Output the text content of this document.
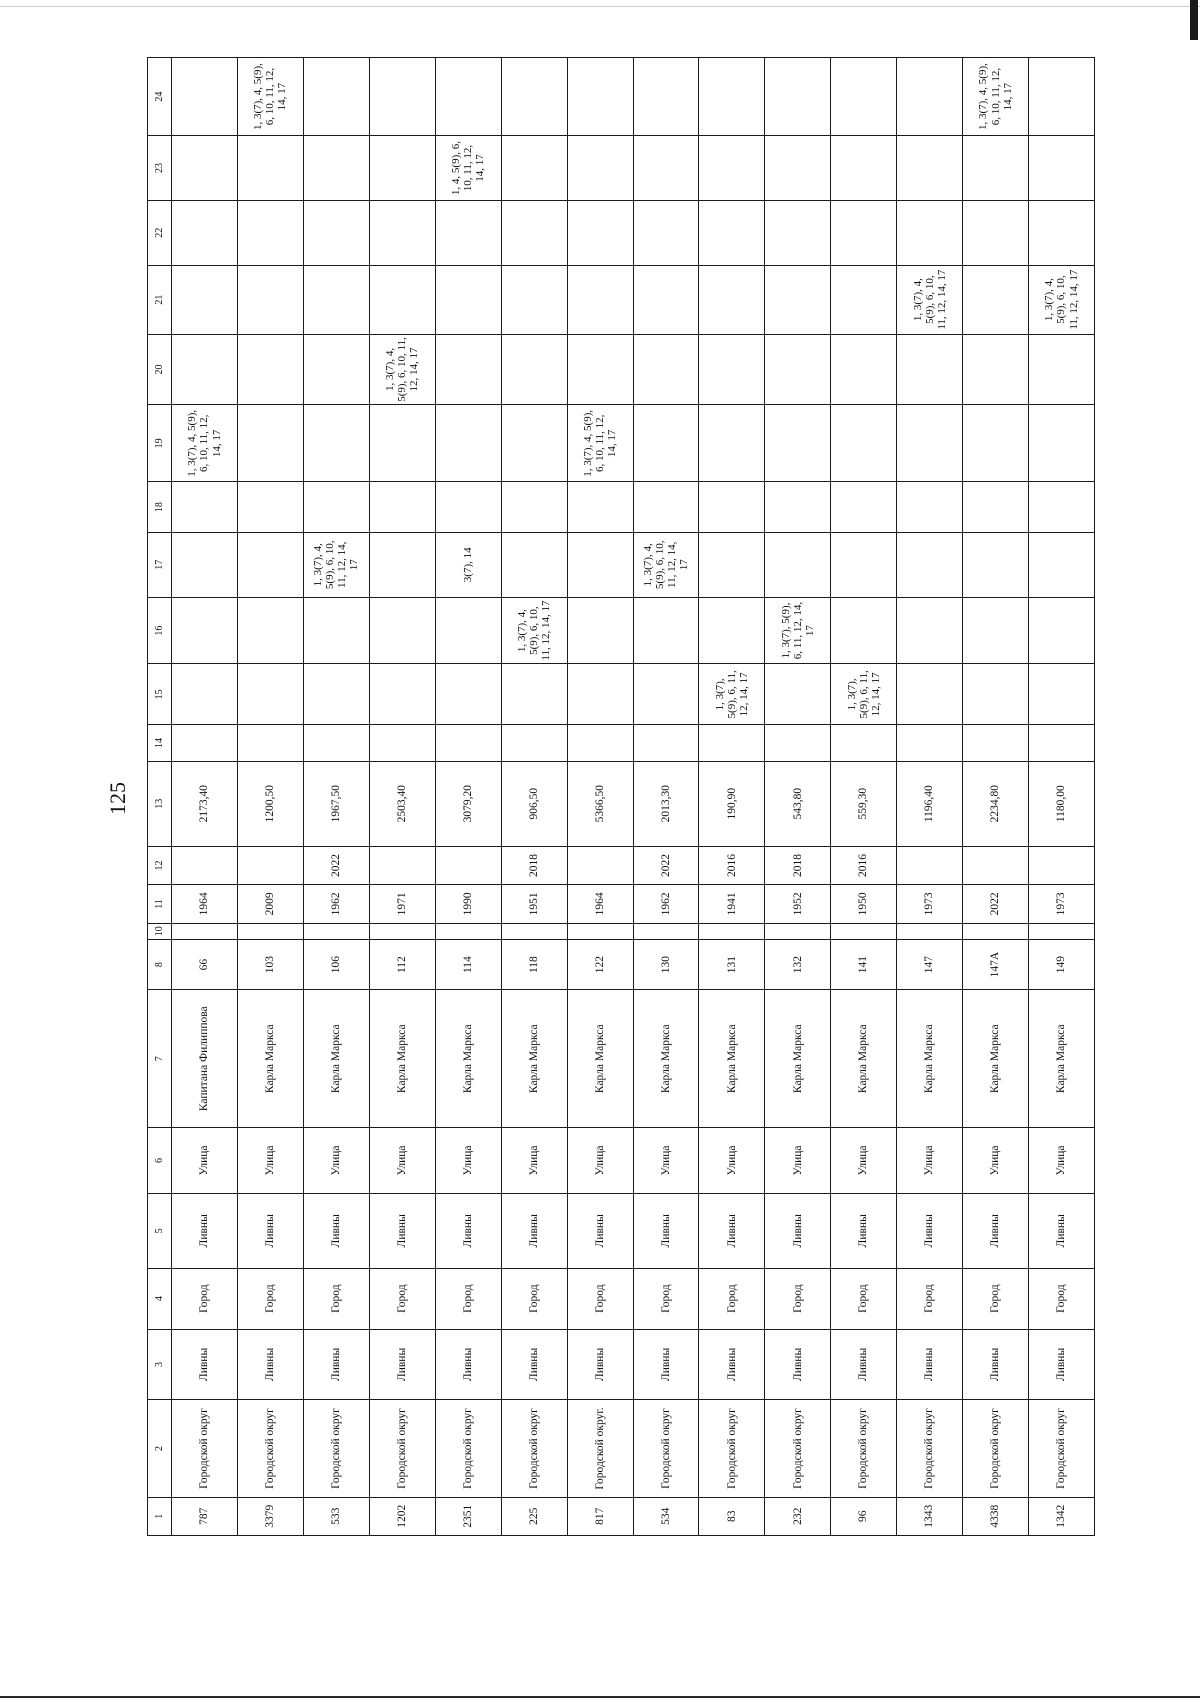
125
1	2	3	4	5	6	7	8	10	11	12	13	14	15	16	17	18	19	20	21	22	23	24
787	Городской округ	Ливны	Город	Ливны	Улица	Капитана Филиппова	66		1964		2173,40						1, 3(7), 4, 5(9), 6, 10, 11, 12, 14, 17					
3379	Городской округ	Ливны	Город	Ливны	Улица	Карла Маркса	103		2009		1200,50											1, 3(7), 4, 5(9), 6, 10, 11, 12, 14, 17
533	Городской округ	Ливны	Город	Ливны	Улица	Карла Маркса	106		1962	2022	1967,50				1, 3(7), 4, 5(9), 6, 10, 11, 12, 14, 17							
1202	Городской округ	Ливны	Город	Ливны	Улица	Карла Маркса	112		1971		2503,40							1, 3(7), 4, 5(9), 6, 10, 11, 12, 14, 17				
2351	Городской округ	Ливны	Город	Ливны	Улица	Карла Маркса	114		1990		3079,20				3(7), 14						1, 4, 5(9), 6, 10, 11, 12, 14, 17	
225	Городской округ	Ливны	Город	Ливны	Улица	Карла Маркса	118		1951	2018	906,50			1, 3(7), 4, 5(9), 6, 10, 11, 12, 14, 17								
817	Городской округ.	Ливны	Город	Ливны	Улица	Карла Маркса	122		1964		5366,50						1, 3(7), 4, 5(9), 6, 10, 11, 12, 14, 17					
534	Городской округ	Ливны	Город	Ливны	Улица	Карла Маркса	130		1962	2022	2013,30				1, 3(7), 4, 5(9), 6, 10, 11, 12, 14, 17							
83	Городской округ	Ливны	Город	Ливны	Улица	Карла Маркса	131		1941	2016	190,90		1, 3(7), 5(9), 6, 11, 12, 14, 17									
232	Городской округ	Ливны	Город	Ливны	Улица	Карла Маркса	132		1952	2018	543,80			1, 3(7), 5(9), 6, 11, 12, 14, 17								
96	Городской округ	Ливны	Город	Ливны	Улица	Карла Маркса	141		1950	2016	559,30		1, 3(7), 5(9), 6, 11, 12, 14, 17									
1343	Городской округ	Ливны	Город	Ливны	Улица	Карла Маркса	147		1973		1196,40								1, 3(7), 4, 5(9), 6, 10, 11, 12, 14, 17			
4338	Городской округ	Ливны	Город	Ливны	Улица	Карла Маркса	147А		2022		2234,80											1, 3(7), 4, 5(9), 6, 10, 11, 12, 14, 17
1342	Городской округ	Ливны	Город	Ливны	Улица	Карла Маркса	149		1973		1180,00								1, 3(7), 4, 5(9), 6, 10, 11, 12, 14, 17			
